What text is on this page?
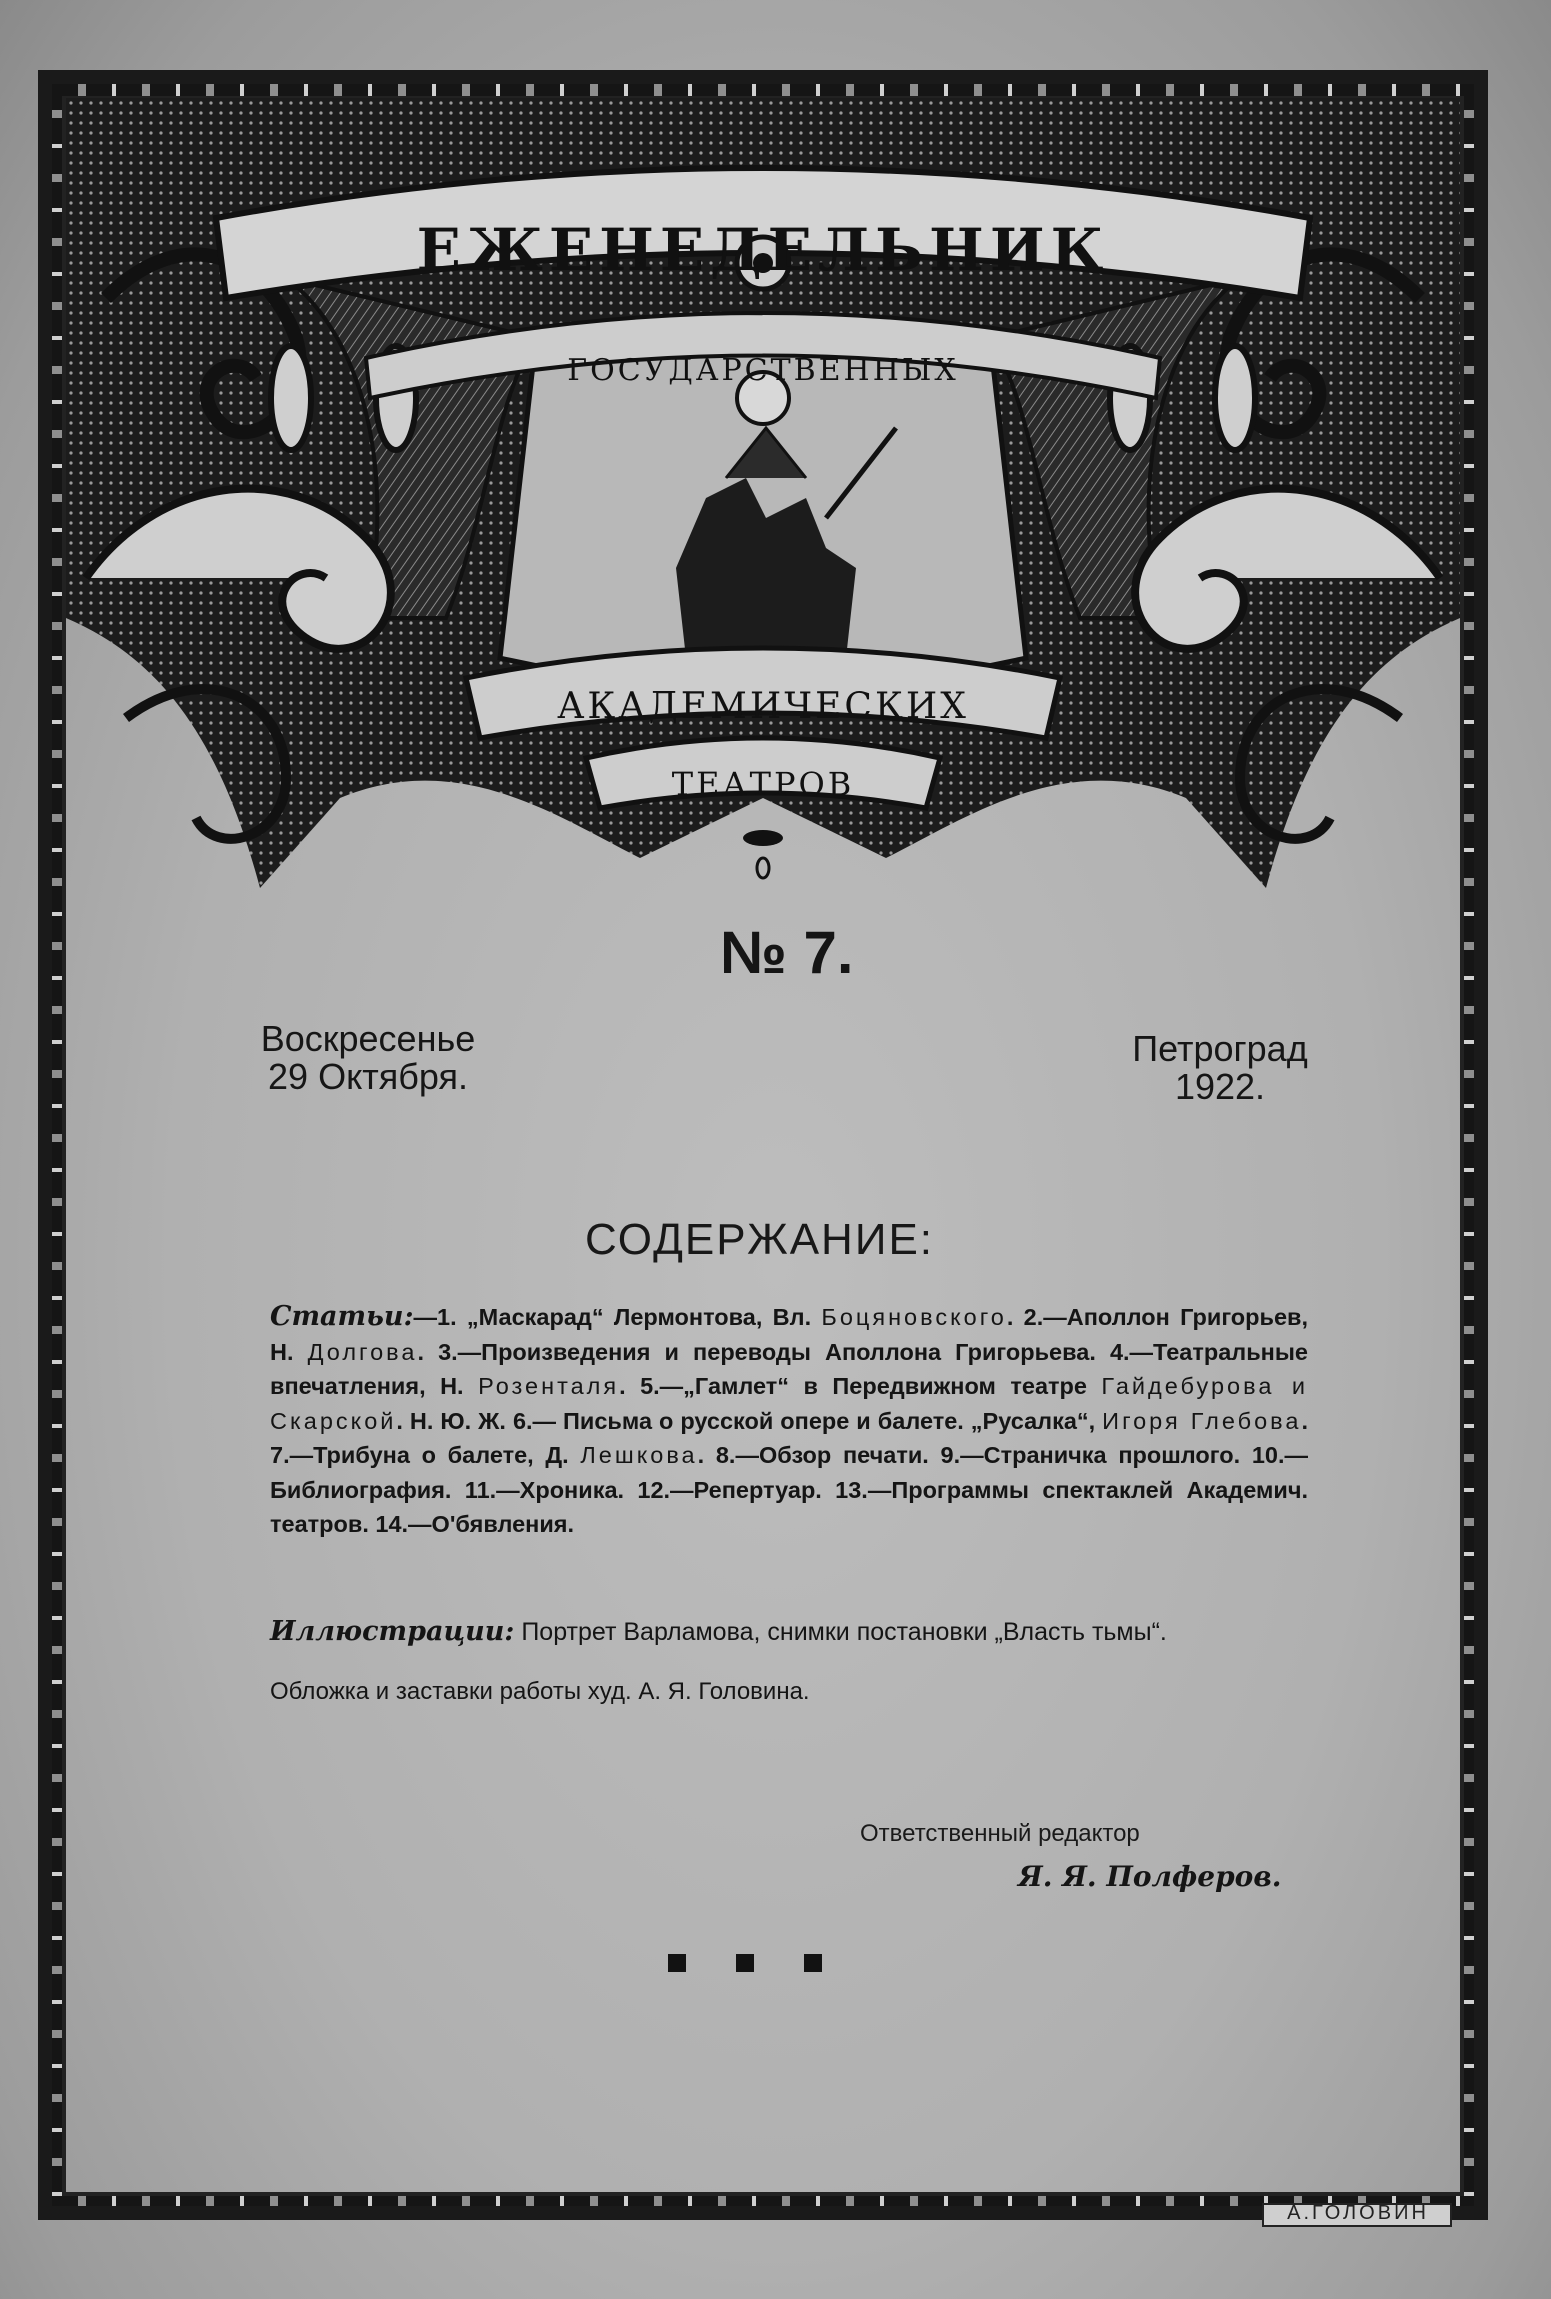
ЕЖЕНЕДЕЛЬНИК
ГОСУДАРСТВЕННЫХ
АКАДЕМИЧЕСКИХ
ТЕАТРОВ
№ 7.
Воскресенье
29 Октября.
Петроград
1922.
СОДЕРЖАНИЕ:
Статьи:—1. „Маскарад“ Лермонтова, Вл. Боцяновского. 2.—Аполлон Григорьев, Н. Долгова. 3.—Произведения и переводы Аполлона Григорьева. 4.—Театральные впечатления, Н. Розенталя. 5.—„Гамлет“ в Передвижном театре Гайдебурова и Скарской. Н. Ю. Ж. 6.— Письма о русской опере и балете. „Русалка“, Игоря Глебова. 7.—Трибуна о балете, Д. Лешкова. 8.—Обзор печати. 9.—Страничка прошлого. 10.—Библиография. 11.—Хроника. 12.—Репертуар. 13.—Программы спектаклей Академич. театров. 14.—О'бявления.
Иллюстрации: Портрет Варламова, снимки постановки „Власть тьмы“.
Обложка и заставки работы худ. А. Я. Головина.
Ответственный редактор
Я. Я. Полферов.
А.ГОЛОВИН
